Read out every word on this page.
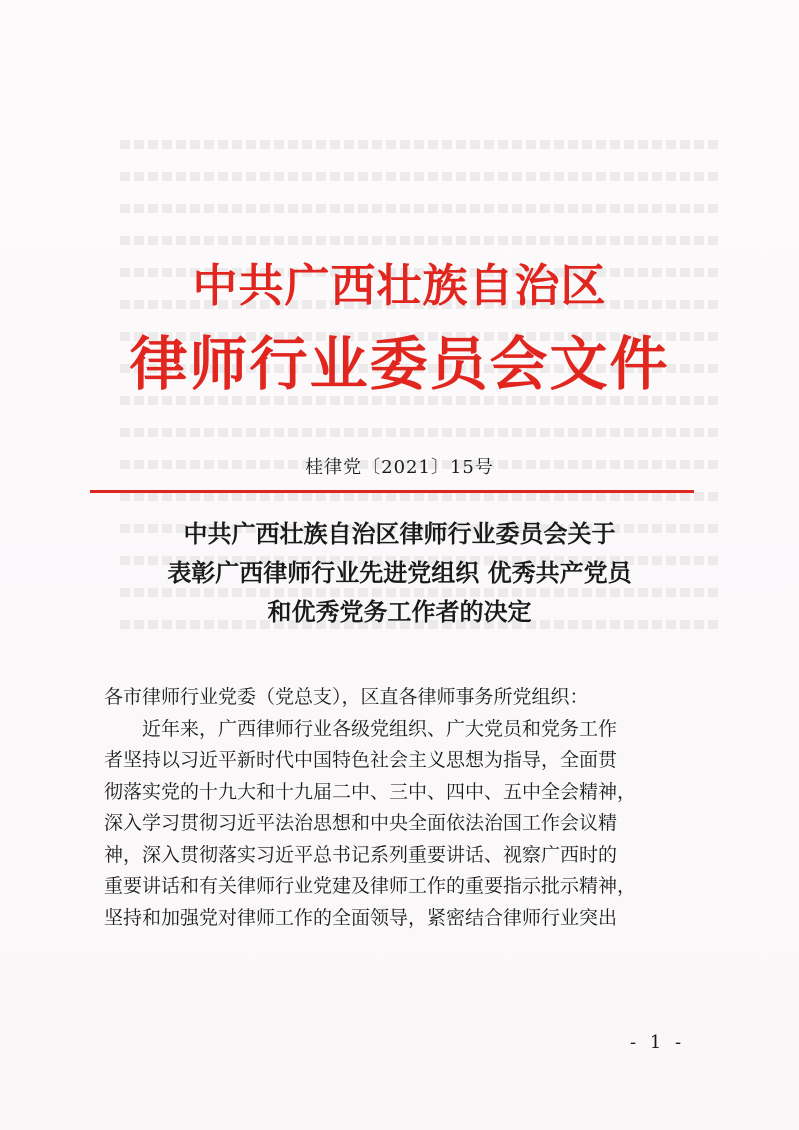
中共广西壮族自治区
律师行业委员会文件
桂律党〔2021〕15号
中共广西壮族自治区律师行业委员会关于
表彰广西律师行业先进党组织 优秀共产党员
和优秀党务工作者的决定

各市律师行业党委（党总支），区直各律师事务所党组织：

近年来，广西律师行业各级党组织、广大党员和党务工作

者坚持以习近平新时代中国特色社会主义思想为指导，全面贯

彻落实党的十九大和十九届二中、三中、四中、五中全会精神，

深入学习贯彻习近平法治思想和中央全面依法治国工作会议精

神，深入贯彻落实习近平总书记系列重要讲话、视察广西时的

重要讲话和有关律师行业党建及律师工作的重要指示批示精神，

坚持和加强党对律师工作的全面领导，紧密结合律师行业突出

- 1 -
